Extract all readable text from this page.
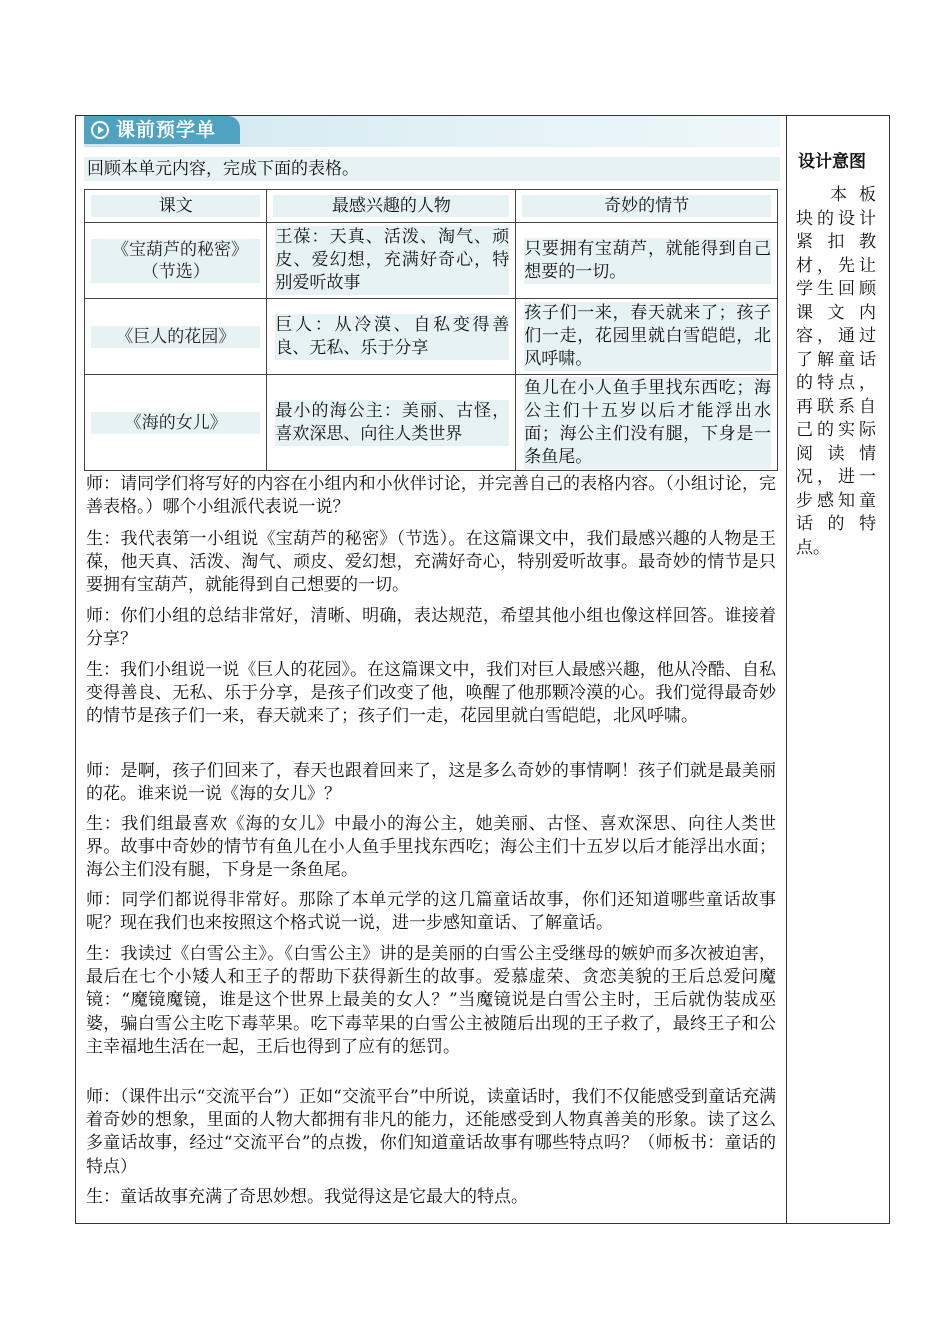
课前预学单
回顾本单元内容，完成下面的表格。
课文	最感兴趣的人物	奇妙的情节

《宝葫芦的秘密》（节选）	王葆：天真、活泼、淘气、顽皮、爱幻想，充满好奇心，特别爱听故事	只要拥有宝葫芦，就能得到自己想要的一切。

《巨人的花园》	巨人：从冷漠、自私变得善良、无私、乐于分享	孩子们一来，春天就来了；孩子们一走，花园里就白雪皑皑，北风呼啸。

《海的女儿》	最小的海公主：美丽、古怪，喜欢深思、向往人类世界	鱼儿在小人鱼手里找东西吃；海公主们十五岁以后才能浮出水面；海公主们没有腿，下身是一条鱼尾。

师：请同学们将写好的内容在小组内和小伙伴讨论，并完善自己的表格内容。（小组讨论，完善表格。）哪个小组派代表说一说？

生：我代表第一小组说《宝葫芦的秘密》（节选）。在这篇课文中，我们最感兴趣的人物是王葆，他天真、活泼、淘气、顽皮、爱幻想，充满好奇心，特别爱听故事。最奇妙的情节是只要拥有宝葫芦，就能得到自己想要的一切。

师：你们小组的总结非常好，清晰、明确，表达规范，希望其他小组也像这样回答。谁接着分享？

生：我们小组说一说《巨人的花园》。在这篇课文中，我们对巨人最感兴趣，他从冷酷、自私变得善良、无私、乐于分享，是孩子们改变了他，唤醒了他那颗冷漠的心。我们觉得最奇妙的情节是孩子们一来，春天就来了；孩子们一走，花园里就白雪皑皑，北风呼啸。

师：是啊，孩子们回来了，春天也跟着回来了，这是多么奇妙的事情啊！孩子们就是最美丽的花。谁来说一说《海的女儿》？

生：我们组最喜欢《海的女儿》中最小的海公主，她美丽、古怪、喜欢深思、向往人类世界。故事中奇妙的情节有鱼儿在小人鱼手里找东西吃；海公主们十五岁以后才能浮出水面；海公主们没有腿，下身是一条鱼尾。

师：同学们都说得非常好。那除了本单元学的这几篇童话故事，你们还知道哪些童话故事呢？现在我们也来按照这个格式说一说，进一步感知童话、了解童话。

生：我读过《白雪公主》。《白雪公主》讲的是美丽的白雪公主受继母的嫉妒而多次被迫害，最后在七个小矮人和王子的帮助下获得新生的故事。爱慕虚荣、贪恋美貌的王后总爱问魔镜：“魔镜魔镜，谁是这个世界上最美的女人？”当魔镜说是白雪公主时，王后就伪装成巫婆，骗白雪公主吃下毒苹果。吃下毒苹果的白雪公主被随后出现的王子救了，最终王子和公主幸福地生活在一起，王后也得到了应有的惩罚。

师：（课件出示“交流平台”）正如“交流平台”中所说，读童话时，我们不仅能感受到童话充满着奇妙的想象，里面的人物大都拥有非凡的能力，还能感受到人物真善美的形象。读了这么多童话故事，经过“交流平台”的点拨，你们知道童话故事有哪些特点吗？（师板书：童话的特点）

生：童话故事充满了奇思妙想。我觉得这是它最大的特点。

设计意图

本板块的设计紧扣教材，先让学生回顾课文内容，通过了解童话的特点，再联系自己的实际阅读情况，进一步感知童话的特点。
